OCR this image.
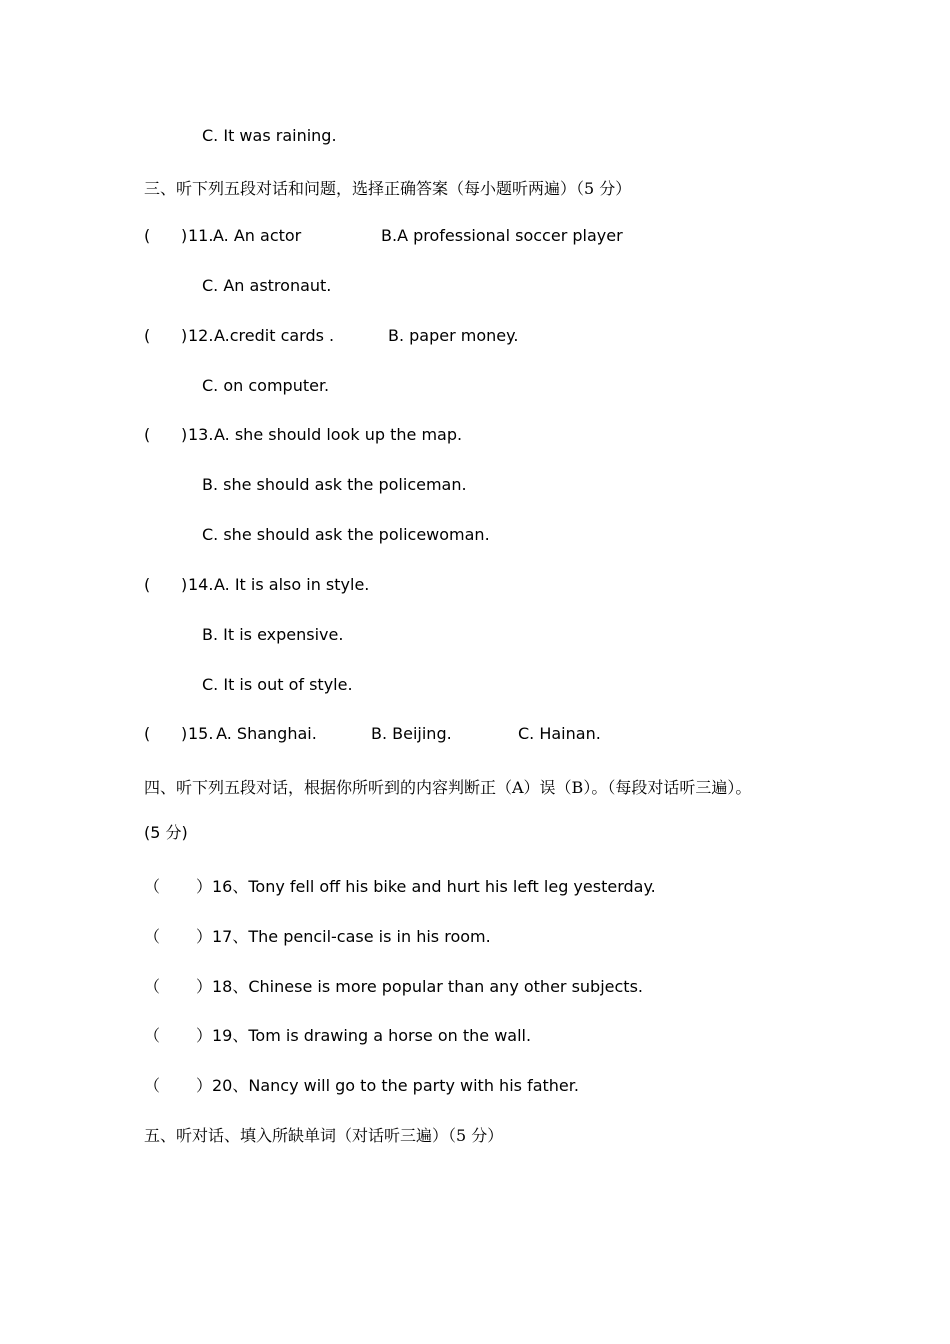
C. It was raining.
三、听下列五段对话和问题，选择正确答案（每小题听两遍）（5 分）
( ) 11. A. An actor	B.A professional soccer player
C. An astronaut.
( ) 12. A.credit cards .	B. paper money.
C. on computer.
( ) 13. A. she should look up the map.
B. she should ask the policeman.
C. she should ask the policewoman.
( ) 14. A. It is also in style.
B. It is expensive.
C. It is out of style.
( ) 15.
A. Shanghai.	B. Beijing.	C. Hainan.
四、听下列五段对话，根据你所听到的内容判断正（A）误（B）。（每段对话听三遍）。
(5 分)
（ ）16、Tony fell off his bike and hurt his left leg yesterday.
（ ）17、The pencil-case is in his room.
（ ）18、Chinese is more popular than any other subjects.
（ ）19、Tom is drawing a horse on the wall.
（ ）20、Nancy will go to the party with his father.
五、听对话、填入所缺单词（对话听三遍）（5 分）
